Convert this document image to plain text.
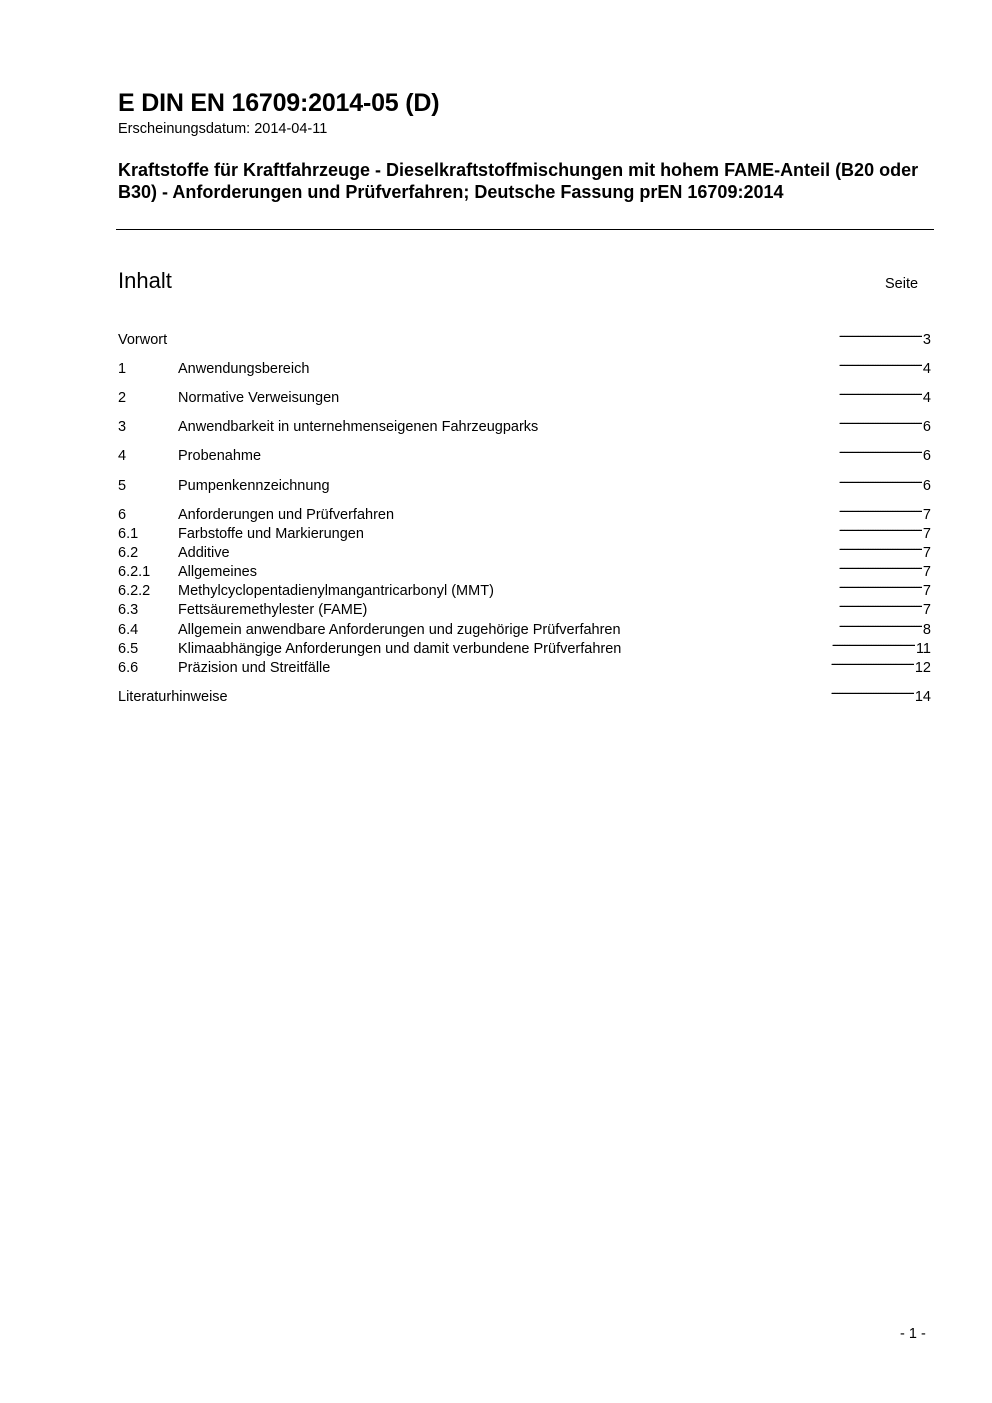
E DIN EN 16709:2014-05 (D)
Erscheinungsdatum: 2014-04-11

Kraftstoffe für Kraftfahrzeuge - Dieselkraftstoffmischungen mit hohem FAME-Anteil (B20 oder B30) - Anforderungen und Prüfverfahren; Deutsche Fassung prEN 16709:2014

Inhalt	Seite
Vorwort . . .	3
1	Anwendungsbereich . . .	4
2	Normative Verweisungen . . .	4
3	Anwendbarkeit in unternehmenseigenen Fahrzeugparks . . .	6
4	Probenahme . . .	6
5	Pumpenkennzeichnung . . .	6
6	Anforderungen und Prüfverfahren . . .	7
6.1	Farbstoffe und Markierungen . . .	7
6.2	Additive . . .	7
6.2.1	Allgemeines . . .	7
6.2.2	Methylcyclopentadienylmangantricarbonyl (MMT) . . .	7
6.3	Fettsäuremethylester (FAME) . . .	7
6.4	Allgemein anwendbare Anforderungen und zugehörige Prüfverfahren . . .	8
6.5	Klimaabhängige Anforderungen und damit verbundene Prüfverfahren . . .	11
6.6	Präzision und Streitfälle . . .	12
Literaturhinweise . . .	14
- 1 -
